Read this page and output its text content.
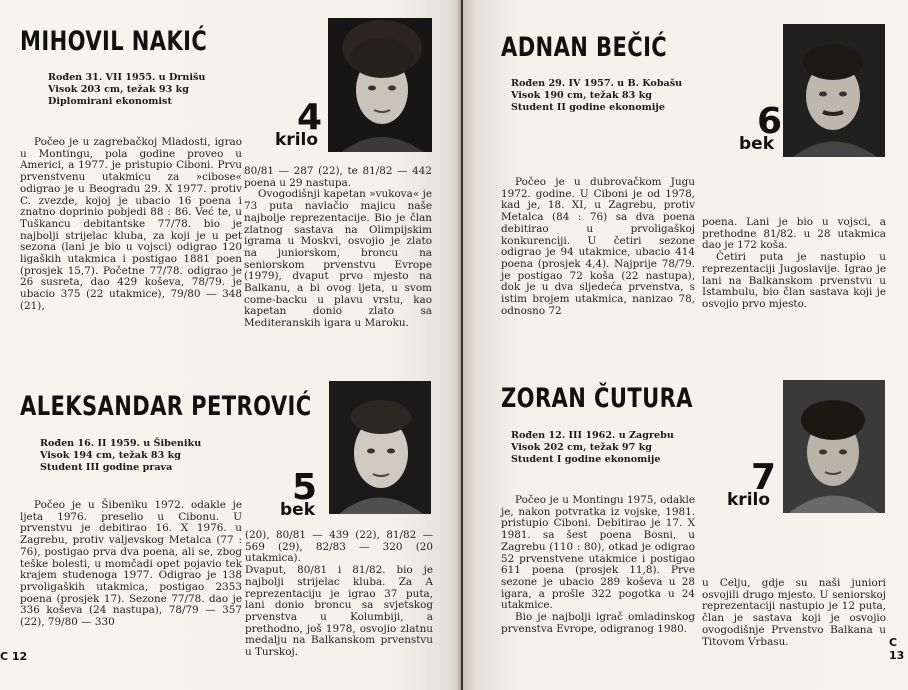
MIHOVIL NAKIĆ
Rođen 31. VII 1955. u Drnišu
Visok 203 cm, težak 93 kg
Diplomirani ekonomist	4
krilo

Počeo je u zagrebačkoj Mladosti, igrao u Montingu, pola godine proveo u Americi, a 1977. je pristupio Ciboni. Prvu prvenstvenu utakmicu za »cibose« odigrao je u Beogradu 29. X 1977. protiv C. zvezde, kojoj je ubacio 16 poena i znatno doprinio pobjedi 88 : 86. Već te, u Tuškancu debitantske 77/78. bio je najbolji strijelac kluba, za koji je u pet sezona (lani je bio u vojsci) odigrao 120 ligaških utakmica i postigao 1881 poen (prosjek 15,7). Početne 77/78. odigrao je 26 susreta, dao 429 koševa, 78/79. je ubacio 375 (22 utakmice), 79/80 — 348 (21),

80/81 — 287 (22), te 81/82 — 442 poena u 29 nastupa.

Ovogodišnji kapetan »vukova« je 73 puta navlačio majicu naše najbolje reprezentacije. Bio je član zlatnog sastava na Olimpijskim igrama u Moskvi, osvojio je zlato na juniorskom, broncu na seniorskom prvenstvu Evrope (1979), dvaput prvo mjesto na Balkanu, a bi ovog ljeta, u svom come-backu u plavu vrstu, kao kapetan donio zlato sa Mediteranskih igara u Maroku.

ALEKSANDAR PETROVIĆ
Rođen 16. II 1959. u Šibeniku
Visok 194 cm, težak 83 kg
Student III godine prava	5
bek

Počeo je u Šibeniku 1972. odakle je ljeta 1976. preselio u Cibonu. U prvenstvu je debitirao 16. X 1976. u Zagrebu, protiv valjevskog Metalca (77 : 76), postigao prva dva poena, ali se, zbog teške bolesti, u momčadi opet pojavio tek krajem studenoga 1977. Odigrao je 138 prvoligaških utakmica, postigao 2353 poena (prosjek 17). Sezone 77/78. dao je 336 koševa (24 nastupa), 78/79 — 357 (22), 79/80 — 330

(20), 80/81 — 439 (22), 81/82 — 569 (29), 82/83 — 320 (20 utakmica).

Dvaput, 80/81 i 81/82. bio je najbolji strijelac kluba. Za A reprezentaciju je igrao 37 puta, lani donio broncu sa svjetskog prvenstva u Kolumbiji, a prethodno, još 1978, osvojio zlatnu medalju na Balkanskom prvenstvu u Turskoj.

C 12
ADNAN BEČIĆ
Rođen 29. IV 1957. u B. Kobašu
Visok 190 cm, težak 83 kg
Student II godine ekonomije	6
bek

Počeo je u dubrovačkom Jugu 1972. godine. U Ciboni je od 1978, kad je, 18. XI, u Zagrebu, protiv Metalca (84 : 76) sa dva poena debitirao u prvoligaškoj konkurenciji. U četiri sezone odigrao je 94 utakmice, ubacio 414 poena (prosjek 4,4). Najprije 78/79. je postigao 72 koša (22 nastupa), dok je u dva sljedeća prvenstva, s istim brojem utakmica, nanizao 78, odnosno 72

poena. Lani je bio u vojsci, a prethodne 81/82. u 28 utakmica dao je 172 koša.

Četiri puta je nastupio u reprezentaciji Jugoslavije. Igrao je lani na Balkanskom prvenstvu u Istambulu, bio član sastava koji je osvojio prvo mjesto.

ZORAN ČUTURA
Rođen 12. III 1962. u Zagrebu
Visok 202 cm, težak 97 kg
Student I godine ekonomije	7
krilo

Počeo je u Montingu 1975, odakle je, nakon potvratka iz vojske, 1981. pristupio Ciboni. Debitirao je 17. X 1981. sa šest poena Bosni, u Zagrebu (110 : 80), otkad je odigrao 52 prvenstvene utakmice i postigao 611 poena (prosjek 11,8). Prve sezone je ubacio 289 koševa u 28 igara, a prošle 322 pogotka u 24 utakmice.

Bio je najbolji igrač omladinskog prvenstva Evrope, odigranog 1980.

u Celju, gdje su naši juniori osvojili drugo mjesto. U seniorskoj reprezentaciji nastupio je 12 puta, član je sastava koji je osvojio ovogodišnje Prvenstvo Balkana u Titovom Vrbasu.	C 13
